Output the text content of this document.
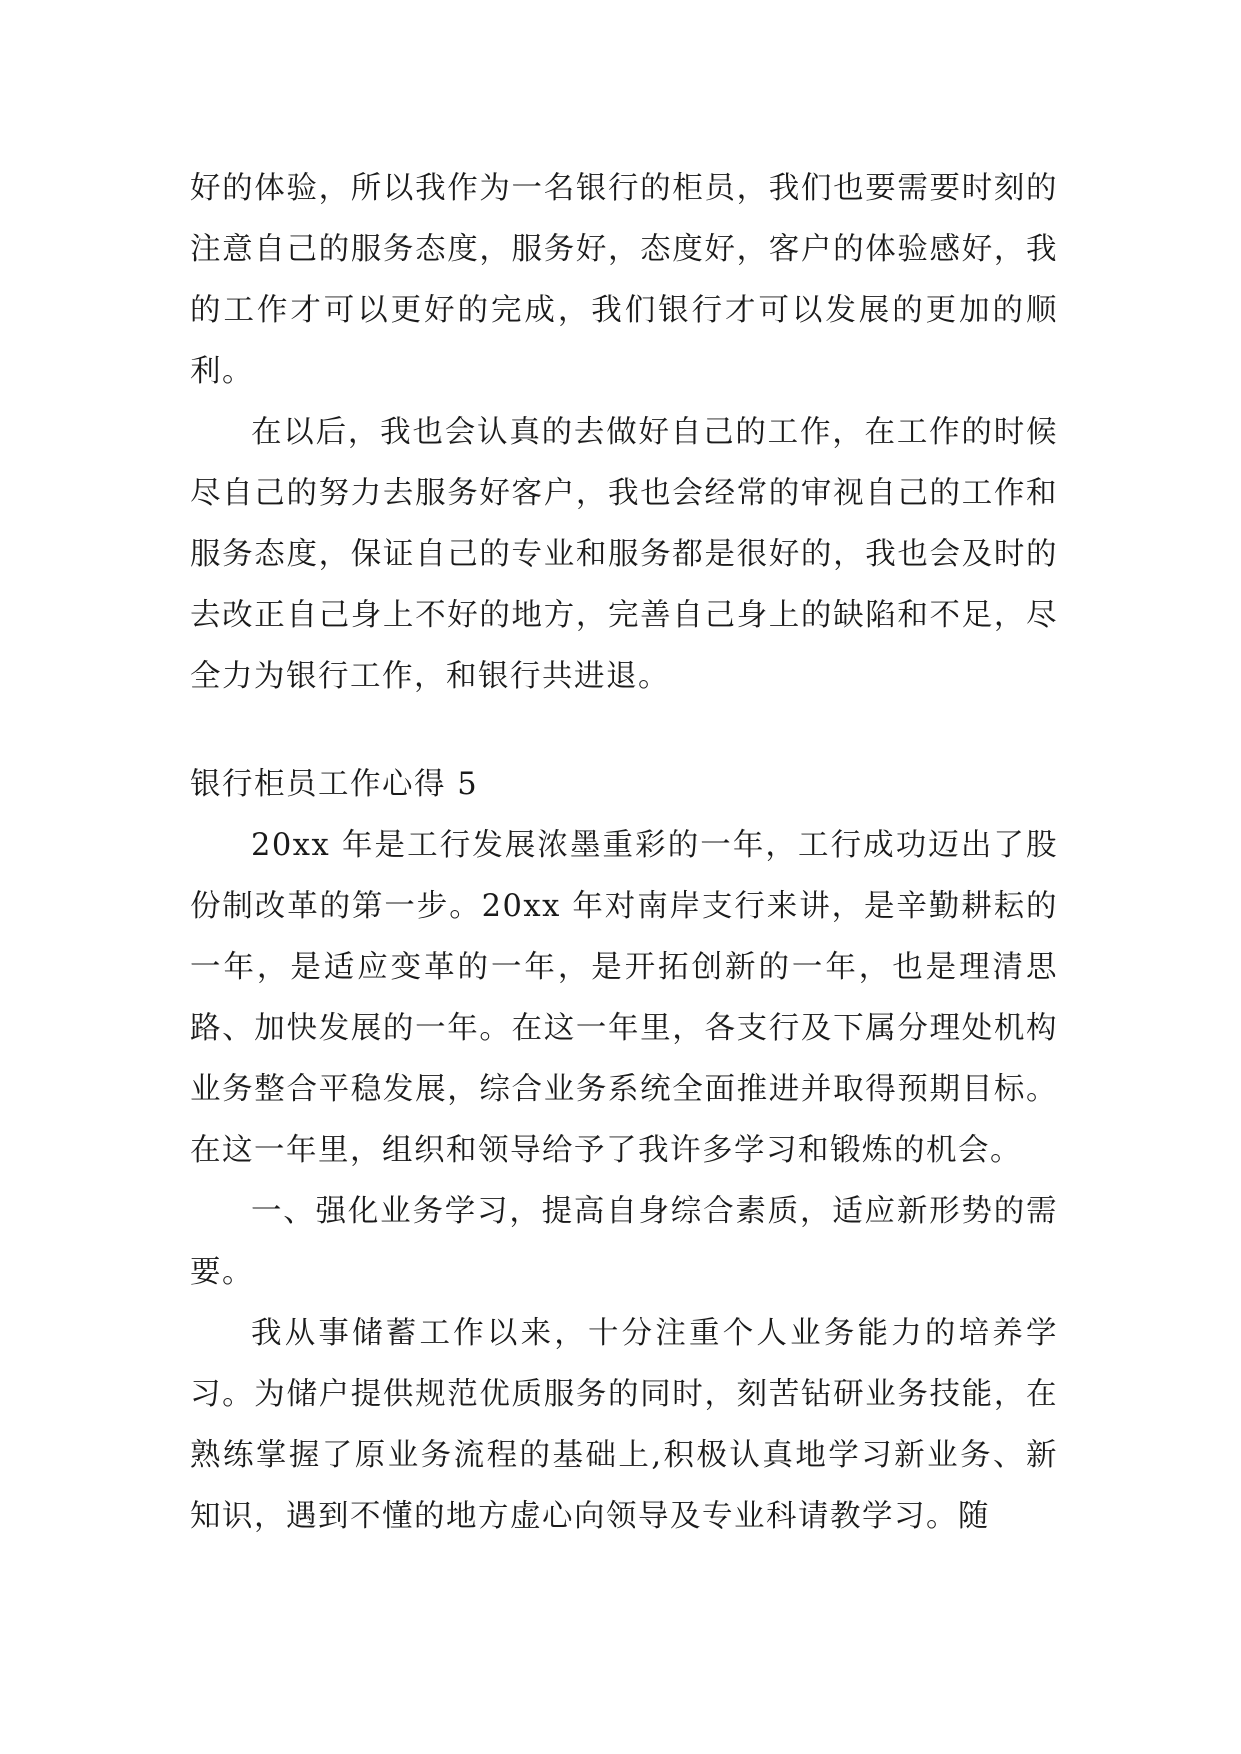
好的体验，所以我作为一名银行的柜员，我们也要需要时刻的注意自己的服务态度，服务好，态度好，客户的体验感好，我的工作才可以更好的完成，我们银行才可以发展的更加的顺利。

在以后，我也会认真的去做好自己的工作，在工作的时候尽自己的努力去服务好客户，我也会经常的审视自己的工作和服务态度，保证自己的专业和服务都是很好的，我也会及时的去改正自己身上不好的地方，完善自己身上的缺陷和不足，尽全力为银行工作，和银行共进退。

银行柜员工作心得 5

20xx 年是工行发展浓墨重彩的一年，工行成功迈出了股份制改革的第一步。20xx 年对南岸支行来讲，是辛勤耕耘的一年，是适应变革的一年，是开拓创新的一年，也是理清思路、加快发展的一年。在这一年里，各支行及下属分理处机构业务整合平稳发展，综合业务系统全面推进并取得预期目标。在这一年里，组织和领导给予了我许多学习和锻炼的机会。

一、强化业务学习，提高自身综合素质，适应新形势的需要。

我从事储蓄工作以来，十分注重个人业务能力的培养学习。为储户提供规范优质服务的同时，刻苦钻研业务技能，在熟练掌握了原业务流程的基础上,积极认真地学习新业务、新知识，遇到不懂的地方虚心向领导及专业科请教学习。随
